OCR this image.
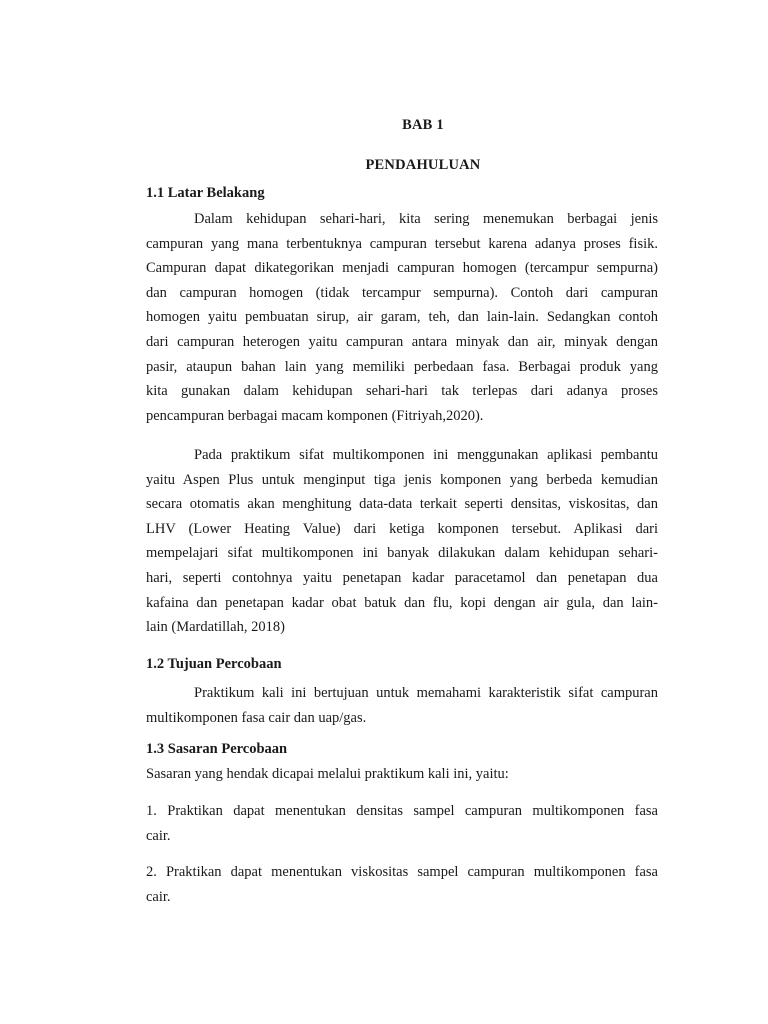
BAB 1
PENDAHULUAN
1.1 Latar Belakang
Dalam kehidupan sehari-hari, kita sering menemukan berbagai jenis
campuran yang mana terbentuknya campuran tersebut karena adanya proses fisik.
Campuran dapat dikategorikan menjadi campuran homogen (tercampur sempurna)
dan campuran homogen (tidak tercampur sempurna). Contoh dari campuran
homogen yaitu pembuatan sirup, air garam, teh, dan lain-lain. Sedangkan contoh
dari campuran heterogen yaitu campuran antara minyak dan air, minyak dengan
pasir, ataupun bahan lain yang memiliki perbedaan fasa. Berbagai produk yang
kita gunakan dalam kehidupan sehari-hari tak terlepas dari adanya proses
pencampuran berbagai macam komponen (Fitriyah,2020).
Pada praktikum sifat multikomponen ini menggunakan aplikasi pembantu
yaitu Aspen Plus untuk menginput tiga jenis komponen yang berbeda kemudian
secara otomatis akan menghitung data-data terkait seperti densitas, viskositas, dan
LHV (Lower Heating Value) dari ketiga komponen tersebut. Aplikasi dari
mempelajari sifat multikomponen ini banyak dilakukan dalam kehidupan sehari-
hari, seperti contohnya yaitu penetapan kadar paracetamol dan penetapan dua
kafaina dan penetapan kadar obat batuk dan flu, kopi dengan air gula, dan lain-
lain (Mardatillah, 2018)
1.2 Tujuan Percobaan
Praktikum kali ini bertujuan untuk memahami karakteristik sifat campuran
multikomponen fasa cair dan uap/gas.
1.3 Sasaran Percobaan

Sasaran yang hendak dicapai melalui praktikum kali ini, yaitu:

1. Praktikan dapat menentukan densitas sampel campuran multikomponen fasa
cair.
2. Praktikan dapat menentukan viskositas sampel campuran multikomponen fasa
cair.
